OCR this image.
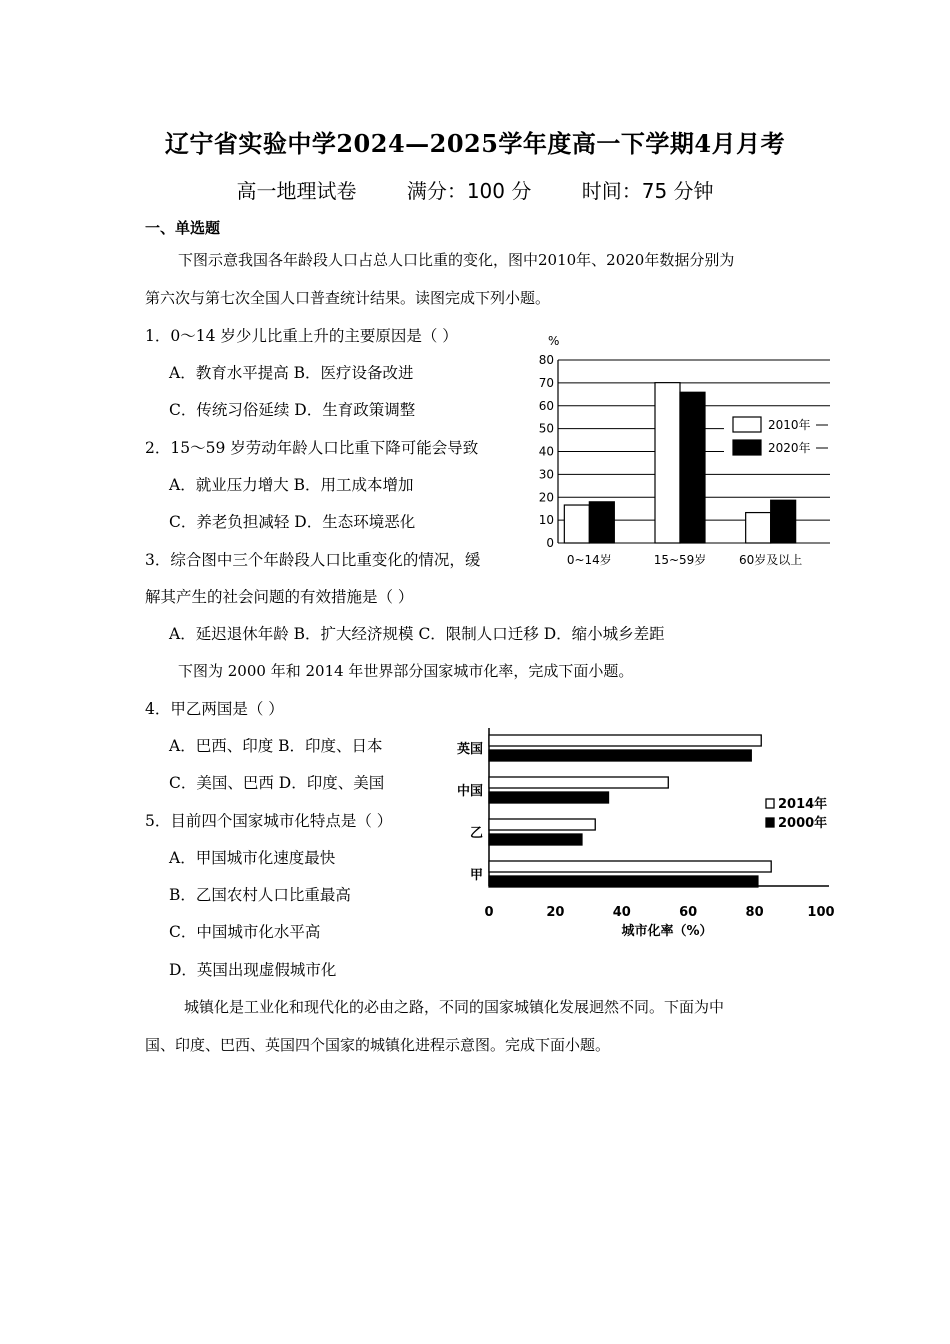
辽宁省实验中学2024—2025学年度高一下学期4月月考
高一地理试卷	满分：100 分	时间：75 分钟
一、单选题
下图示意我国各年龄段人口占总人口比重的变化，图中2010年、2020年数据分别为
第六次与第七次全国人口普查统计结果。读图完成下列小题。
1．0～14 岁少儿比重上升的主要原因是（ ）
A．教育水平提高 B．医疗设备改进
C．传统习俗延续 D．生育政策调整
2．15～59 岁劳动年龄人口比重下降可能会导致
A．就业压力增大 B．用工成本增加
C．养老负担减轻 D．生态环境恶化
3．综合图中三个年龄段人口比重变化的情况，缓
解其产生的社会问题的有效措施是（ ）
A．延迟退休年龄 B．扩大经济规模 C．限制人口迁移 D．缩小城乡差距
下图为 2000 年和 2014 年世界部分国家城市化率，完成下面小题。
4．甲乙两国是（ ）
A．巴西、印度 B．印度、日本
C．美国、巴西 D．印度、美国
5．目前四个国家城市化特点是（ ）
A．甲国城市化速度最快
B．乙国农村人口比重最高
C．中国城市化水平高
D．英国出现虚假城市化
城镇化是工业化和现代化的必由之路，不同的国家城镇化发展迥然不同。下面为中
国、印度、巴西、英国四个国家的城镇化进程示意图。完成下面小题。
%
0
10
20
30
40
50
60
70
80
0~14岁	15~59岁	60岁及以上
2010年
2020年
英国
中国
乙
甲
0	20	40	60	80	100
2014年
2000年
城市化率（%）
